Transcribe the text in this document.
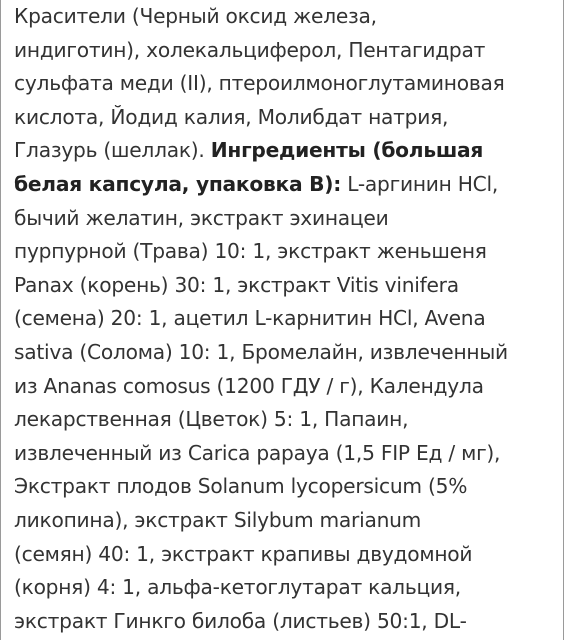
Красители (Черный оксид железа,
индиготин), холекальциферол, Пентагидрат
сульфата меди (II), птероилмоноглутаминовая
кислота, Йодид калия, Молибдат натрия,
Глазурь (шеллак). Ингредиенты (большая
белая капсула, упаковка B): L-аргинин HCl,
бычий желатин, экстракт эхинацеи
пурпурной (Трава) 10: 1, экстракт женьшеня
Panax (корень) 30: 1, экстракт Vitis vinifera
(семена) 20: 1, ацетил L-карнитин HCl, Avena
sativa (Солома) 10: 1, Бромелайн, извлеченный
из Ananas comosus (1200 ГДУ / г), Календула
лекарственная (Цветок) 5: 1, Папаин,
извлеченный из Carica papaya (1,5 FIP Ед / мг),
Экстракт плодов Solanum lycopersicum (5%
ликопина), экстракт Silybum marianum
(семян) 40: 1, экстракт крапивы двудомной
(корня) 4: 1, альфа-кетоглутарат кальция,
экстракт Гинкго билоба (листьев) 50:1, DL-
